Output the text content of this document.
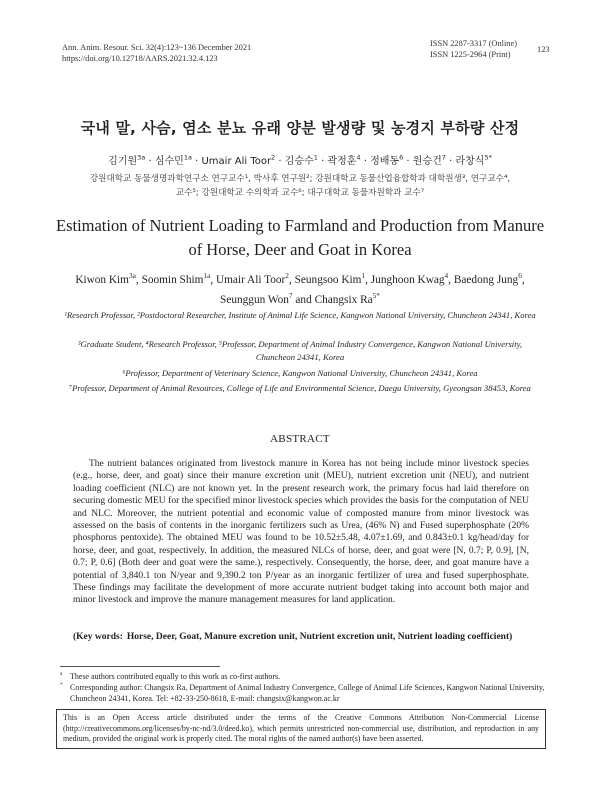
Ann. Anim. Resour. Sci. 32(4):123~136 December 2021
https://doi.org/10.12718/AARS.2021.32.4.123
ISSN 2287-3317 (Online)
ISSN 1225-2964 (Print)
123
국내 말, 사슴, 염소 분뇨 유래 양분 발생량 및 농경지 부하량 산정
김기원$^{3a}$ · 심수민$^{1a}$ · Umair Ali Toor$^2$ · 김승수$^1$ · 곽정훈$^4$ · 정배동$^6$ · 원승건$^7$ · 라창식$^{5*}$
강원대학교 동물생명과학연구소 연구교수¹, 박사후 연구원²; 강원대학교 동물산업융합학과 대학원생³, 연구교수⁴,
교수⁵; 강원대학교 수의학과 교수⁶; 대구대학교 동물자원학과 교수⁷
Estimation of Nutrient Loading to Farmland and Production from Manure
of Horse, Deer and Goat in Korea
Kiwon Kim$^{3a}$, Soomin Shim$^{1a}$, Umair Ali Toor$^2$, Seungsoo Kim$^1$, Junghoon Kwag$^4$, Baedong Jung$^6$,
Seunggun Won$^7$ and Changsix $Ra^{5*}$
¹Research Professor, ²Postdoctoral Researcher, Institute of Animal Life Science, Kangwon National University, Chuncheon 24341, Korea
³Graduate Student, ⁴Research Professor, ⁵Professor, Department of Animal Industry Convergence, Kangwon National University, Chuncheon 24341, Korea
⁶Professor, Department of Veterinary Science, Kangwon National University, Chuncheon 24341, Korea
⁷Professor, Department of Animal Resources, College of Life and Environmental Science, Daegu University, Gyeongsan 38453, Korea
ABSTRACT
The nutrient balances originated from livestock manure in Korea has not being include minor livestock species (e.g., horse, deer, and goat) since their manure excretion unit (MEU), nutrient excretion unit (NEU), and nutrient loading coefficient (NLC) are not known yet. In the present research work, the primary focus had laid therefore on securing domestic MEU for the specified minor livestock species which provides the basis for the computation of NEU and NLC. Moreover, the nutrient potential and economic value of composted manure from minor livestock was assessed on the basis of contents in the inorganic fertilizers such as Urea, (46% N) and Fused superphosphate (20% phosphorus pentoxide). The obtained MEU was found to be 10.52±5.48, 4.07±1.69, and 0.843±0.1 kg/head/day for horse, deer, and goat, respectively. In addition, the measured NLCs of horse, deer, and goat were [N, 0.7; P, 0.9], [N, 0.7; P, 0.6] (Both deer and goat were the same.), respectively. Consequently, the horse, deer, and goat manure have a potential of 3,840.1 ton N/year and 9,390.2 ton P/year as an inorganic fertilizer of urea and fused superphosphate. These findings may facilitate the development of more accurate nutrient budget taking into account both major and minor livestock and improve the manure management measures for land application.
(Key words: Horse, Deer, Goat, Manure excretion unit, Nutrient excretion unit, Nutrient loading coefficient)
$^a$ These authors contributed equally to this work as co-first authors.
* Corresponding author: Changsix Ra, Department of Animal Industry Convergence, College of Animal Life Sciences, Kangwon National University, Chuncheon 24341, Korea. Tel: +82-33-250-8618, E-mail: changsix@kangwon.ac.kr
This is an Open Access article distributed under the terms of the Creative Commons Attribution Non-Commercial License (http://creativecommons.org/licenses/by-nc-nd/3.0/deed.ko), which permits unrestricted non-commercial use, distribution, and reproduction in any medium, provided the original work is properly cited. The moral rights of the named author(s) have been asserted.
